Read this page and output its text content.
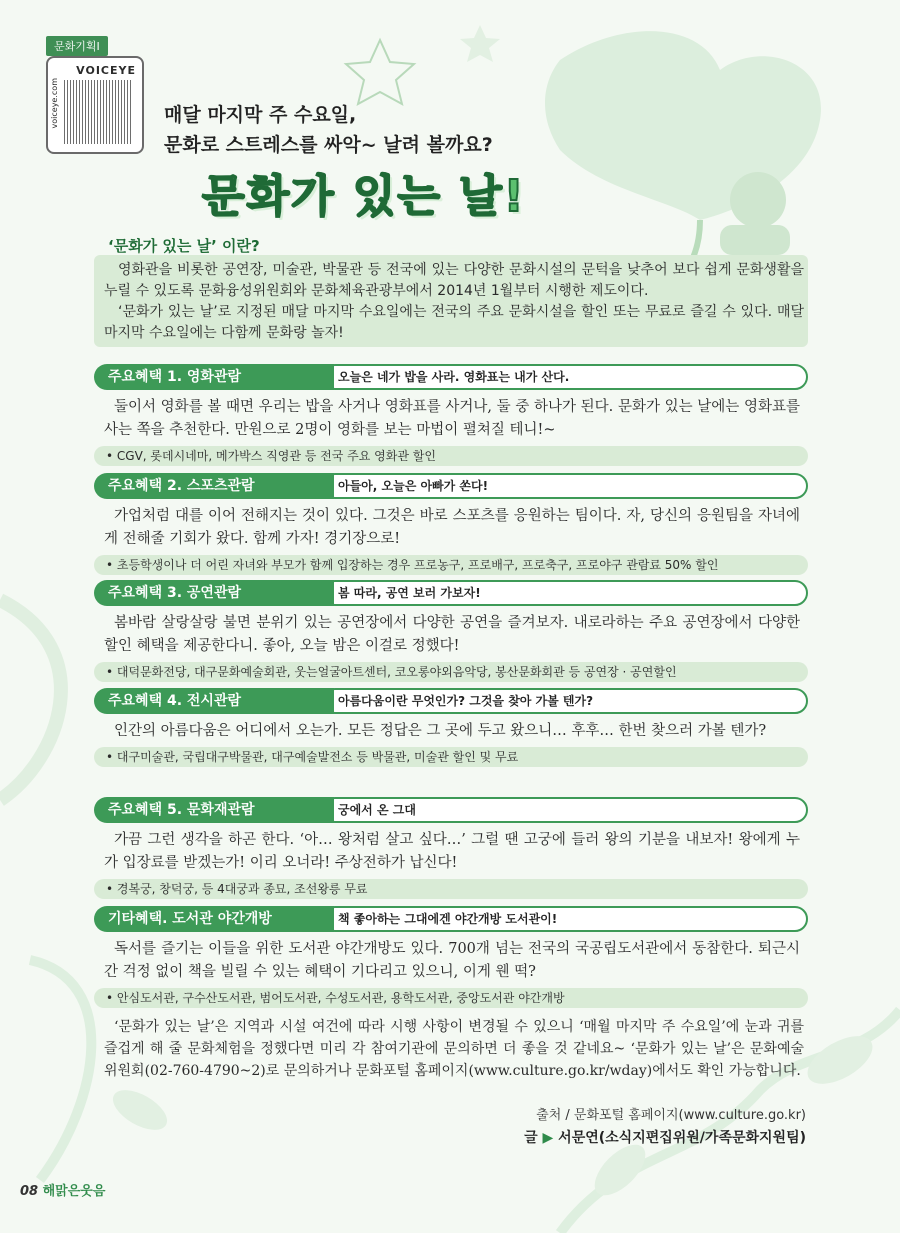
문화기획Ⅰ
VOICEYE
voiceye.com	매달 마지막 주 수요일,
문화로 스트레스를 싸악~ 날려 볼까요?
문화가 있는 날!
‘문화가 있는 날’ 이란?

영화관을 비롯한 공연장, 미술관, 박물관 등 전국에 있는 다양한 문화시설의 문턱을 낮추어 보다 쉽게 문화생활을 누릴 수 있도록 문화융성위원회와 문화체육관광부에서 2014년 1월부터 시행한 제도이다.

‘문화가 있는 날’로 지정된 매달 마지막 수요일에는 전국의 주요 문화시설을 할인 또는 무료로 즐길 수 있다. 매달 마지막 수요일에는 다함께 문화랑 놀자!

오늘은 네가 밥을 사라. 영화표는 내가 산다.
주요혜택 1. 영화관람
둘이서 영화를 볼 때면 우리는 밥을 사거나 영화표를 사거나, 둘 중 하나가 된다. 문화가 있는 날에는 영화표를 사는 쪽을 추천한다. 만원으로 2명이 영화를 보는 마법이 펼쳐질 테니!~
• CGV, 롯데시네마, 메가박스 직영관 등 전국 주요 영화관 할인
아들아, 오늘은 아빠가 쏜다!
주요혜택 2. 스포츠관람
가업처럼 대를 이어 전해지는 것이 있다. 그것은 바로 스포츠를 응원하는 팀이다. 자, 당신의 응원팀을 자녀에게 전해줄 기회가 왔다. 함께 가자! 경기장으로!
• 초등학생이나 더 어린 자녀와 부모가 함께 입장하는 경우 프로농구, 프로배구, 프로축구, 프로야구 관람료 50% 할인
봄 따라, 공연 보러 가보자!
주요혜택 3. 공연관람
봄바람 살랑살랑 불면 분위기 있는 공연장에서 다양한 공연을 즐겨보자. 내로라하는 주요 공연장에서 다양한 할인 혜택을 제공한다니. 좋아, 오늘 밤은 이걸로 정했다!
• 대덕문화전당, 대구문화예술회관, 웃는얼굴아트센터, 코오롱야외음악당, 봉산문화회관 등 공연장 · 공연할인
아름다움이란 무엇인가? 그것을 찾아 가볼 텐가?
주요혜택 4. 전시관람
인간의 아름다움은 어디에서 오는가. 모든 정답은 그 곳에 두고 왔으니… 후후… 한번 찾으러 가볼 텐가?
• 대구미술관, 국립대구박물관, 대구예술발전소 등 박물관, 미술관 할인 및 무료
궁에서 온 그대
주요혜택 5. 문화재관람
가끔 그런 생각을 하곤 한다. ‘아… 왕처럼 살고 싶다…’ 그럴 땐 고궁에 들러 왕의 기분을 내보자! 왕에게 누가 입장료를 받겠는가! 이리 오너라! 주상전하가 납신다!
• 경복궁, 창덕궁, 등 4대궁과 종묘, 조선왕릉 무료
책 좋아하는 그대에겐 야간개방 도서관이!
기타혜택. 도서관 야간개방
독서를 즐기는 이들을 위한 도서관 야간개방도 있다. 700개 넘는 전국의 국공립도서관에서 동참한다. 퇴근시간 걱정 없이 책을 빌릴 수 있는 혜택이 기다리고 있으니, 이게 웬 떡?
• 안심도서관, 구수산도서관, 범어도서관, 수성도서관, 용학도서관, 중앙도서관 야간개방
‘문화가 있는 날’은 지역과 시설 여건에 따라 시행 사항이 변경될 수 있으니 ‘매월 마지막 주 수요일’에 눈과 귀를 즐겁게 해 줄 문화체험을 정했다면 미리 각 참여기관에 문의하면 더 좋을 것 같네요~ ‘문화가 있는 날’은 문화예술위원회(02-760-4790~2)로 문의하거나 문화포털 홈페이지(www.culture.go.kr/wday)에서도 확인 가능합니다.
출처 / 문화포털 홈페이지(www.culture.go.kr)
글 ▶ 서문연(소식지편집위원/가족문화지원팀)
08 해맑은웃음
